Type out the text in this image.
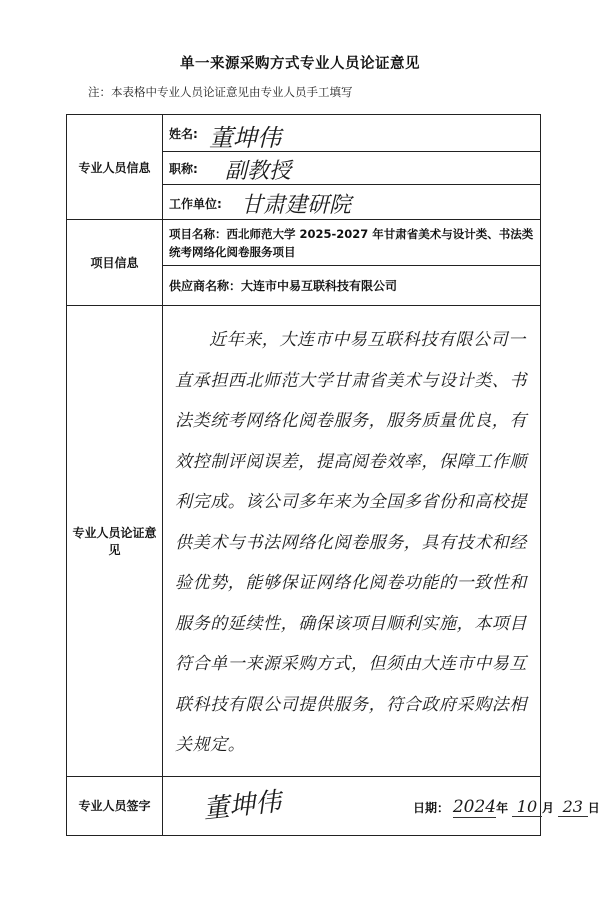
单一来源采购方式专业人员论证意见
注：本表格中专业人员论证意见由专业人员手工填写
专业人员信息	姓名: 董坤伟

	职称: 副教授

	工作单位: 甘肃建研院

项目信息	项目名称：西北师范大学 2025-2027 年甘肃省美术与设计类、书法类统考网络化阅卷服务项目

	供应商名称：大连市中易互联科技有限公司

专业人员论证意见	近年来，大连市中易互联科技有限公司一直承担西北师范大学甘肃省美术与设计类、书法类统考网络化阅卷服务，服务质量优良，有效控制评阅误差，提高阅卷效率，保障工作顺利完成。该公司多年来为全国多省份和高校提供美术与书法网络化阅卷服务，具有技术和经验优势，能够保证网络化阅卷功能的一致性和服务的延续性，确保该项目顺利实施，本项目符合单一来源采购方式，但须由大连市中易互联科技有限公司提供服务，符合政府采购法相关规定。

专业人员签字	董坤伟 日期： 2024年 10 月 23 日
